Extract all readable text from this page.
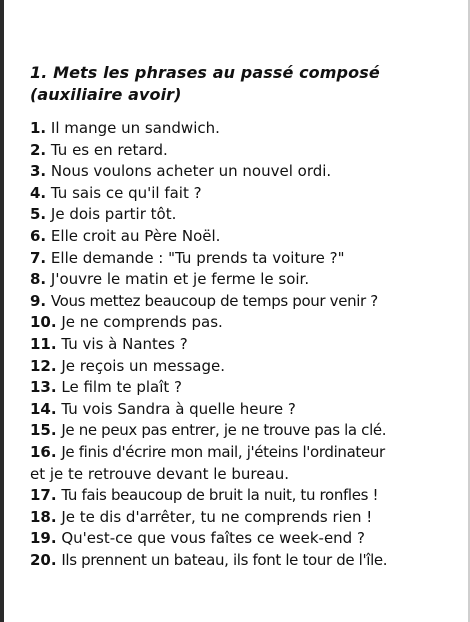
1. Mets les phrases au passé composé
(auxiliaire avoir)
1. Il mange un sandwich.
2. Tu es en retard.
3. Nous voulons acheter un nouvel ordi.
4. Tu sais ce qu'il fait ?
5. Je dois partir tôt.
6. Elle croit au Père Noël.
7. Elle demande : "Tu prends ta voiture ?"
8. J'ouvre le matin et je ferme le soir.
9. Vous mettez beaucoup de temps pour venir ?
10. Je ne comprends pas.
11. Tu vis à Nantes ?
12. Je reçois un message.
13. Le film te plaît ?
14. Tu vois Sandra à quelle heure ?
15. Je ne peux pas entrer, je ne trouve pas la clé.
16. Je finis d'écrire mon mail, j'éteins l'ordinateur
et je te retrouve devant le bureau.
17. Tu fais beaucoup de bruit la nuit, tu ronfles !
18. Je te dis d'arrêter, tu ne comprends rien !
19. Qu'est-ce que vous faîtes ce week-end ?
20. Ils prennent un bateau, ils font le tour de l'île.
